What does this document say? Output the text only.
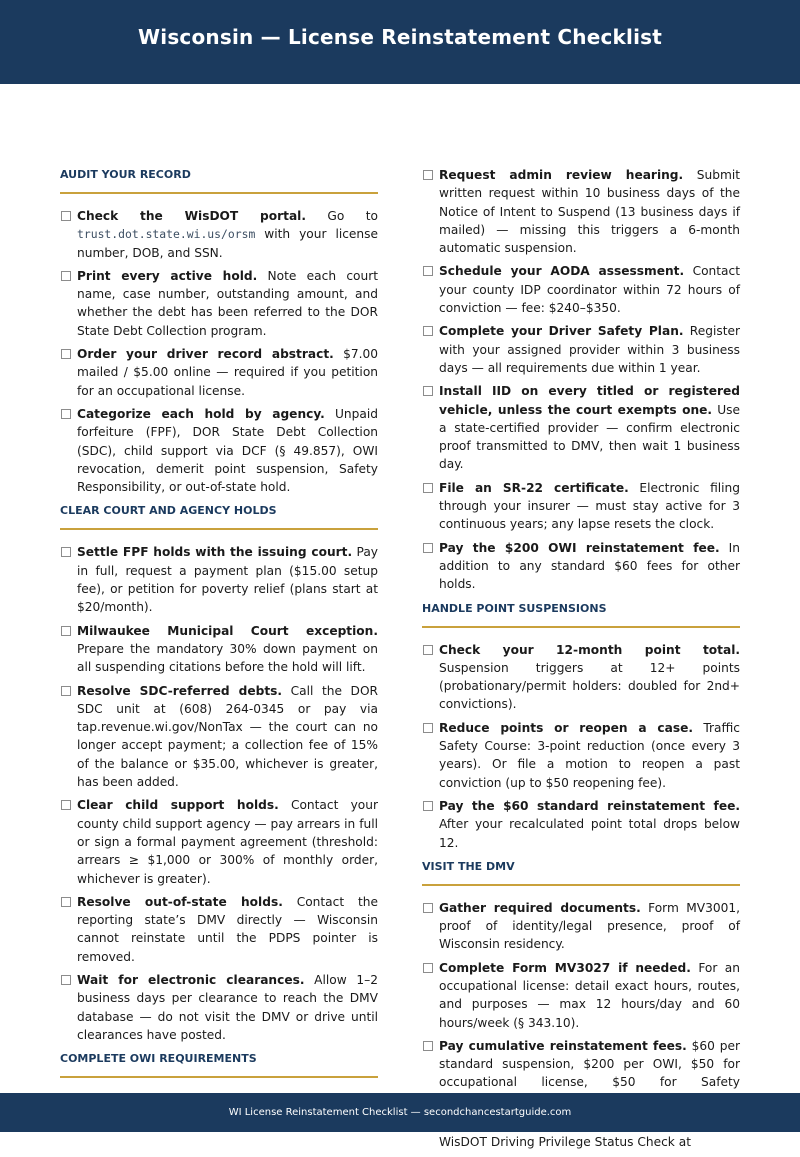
Wisconsin — License Reinstatement Checklist
AUDIT YOUR RECORD
Check the WisDOT portal. Go to trust.dot.state.wi.us/orsm with your license number, DOB, and SSN.
Print every active hold. Note each court name, case number, outstanding amount, and whether the debt has been referred to the DOR State Debt Collection program.
Order your driver record abstract. $7.00 mailed / $5.00 online — required if you petition for an occupational license.
Categorize each hold by agency. Unpaid forfeiture (FPF), DOR State Debt Collection (SDC), child support via DCF (§ 49.857), OWI revocation, demerit point suspension, Safety Responsibility, or out-of-state hold.
CLEAR COURT AND AGENCY HOLDS
Settle FPF holds with the issuing court. Pay in full, request a payment plan ($15.00 setup fee), or petition for poverty relief (plans start at $20/month).
Milwaukee Municipal Court exception. Prepare the mandatory 30% down payment on all suspending citations before the hold will lift.
Resolve SDC-referred debts. Call the DOR SDC unit at (608) 264-0345 or pay via tap.revenue.wi.gov/NonTax — the court can no longer accept payment; a collection fee of 15% of the balance or $35.00, whichever is greater, has been added.
Clear child support holds. Contact your county child support agency — pay arrears in full or sign a formal payment agreement (threshold: arrears ≥ $1,000 or 300% of monthly order, whichever is greater).
Resolve out-of-state holds. Contact the reporting state’s DMV directly — Wisconsin cannot reinstate until the PDPS pointer is removed.
Wait for electronic clearances. Allow 1–2 business days per clearance to reach the DMV database — do not visit the DMV or drive until clearances have posted.
COMPLETE OWI REQUIREMENTS
Request admin review hearing. Submit written request within 10 business days of the Notice of Intent to Suspend (13 business days if mailed) — missing this triggers a 6-month automatic suspension.
Schedule your AODA assessment. Contact your county IDP coordinator within 72 hours of conviction — fee: $240–$350.
Complete your Driver Safety Plan. Register with your assigned provider within 3 business days — all requirements due within 1 year.
Install IID on every titled or registered vehicle, unless the court exempts one. Use a state-certified provider — confirm electronic proof transmitted to DMV, then wait 1 business day.
File an SR-22 certificate. Electronic filing through your insurer — must stay active for 3 continuous years; any lapse resets the clock.
Pay the $200 OWI reinstatement fee. In addition to any standard $60 fees for other holds.
HANDLE POINT SUSPENSIONS
Check your 12-month point total. Suspension triggers at 12+ points (probationary/permit holders: doubled for 2nd+ convictions).
Reduce points or reopen a case. Traffic Safety Course: 3-point reduction (once every 3 years). Or file a motion to reopen a past conviction (up to $50 reopening fee).
Pay the $60 standard reinstatement fee. After your recalculated point total drops below 12.
VISIT THE DMV
Gather required documents. Form MV3001, proof of identity/legal presence, proof of Wisconsin residency.
Complete Form MV3027 if needed. For an occupational license: detail exact hours, routes, and purposes — max 12 hours/day and 60 hours/week (§ 343.10).
Pay cumulative reinstatement fees. $60 per standard suspension, $200 per OWI, $50 for occupational license, $50 for Safety
WisDOT Driving Privilege Status Check at
WI License Reinstatement Checklist — secondchancestartguide.com
